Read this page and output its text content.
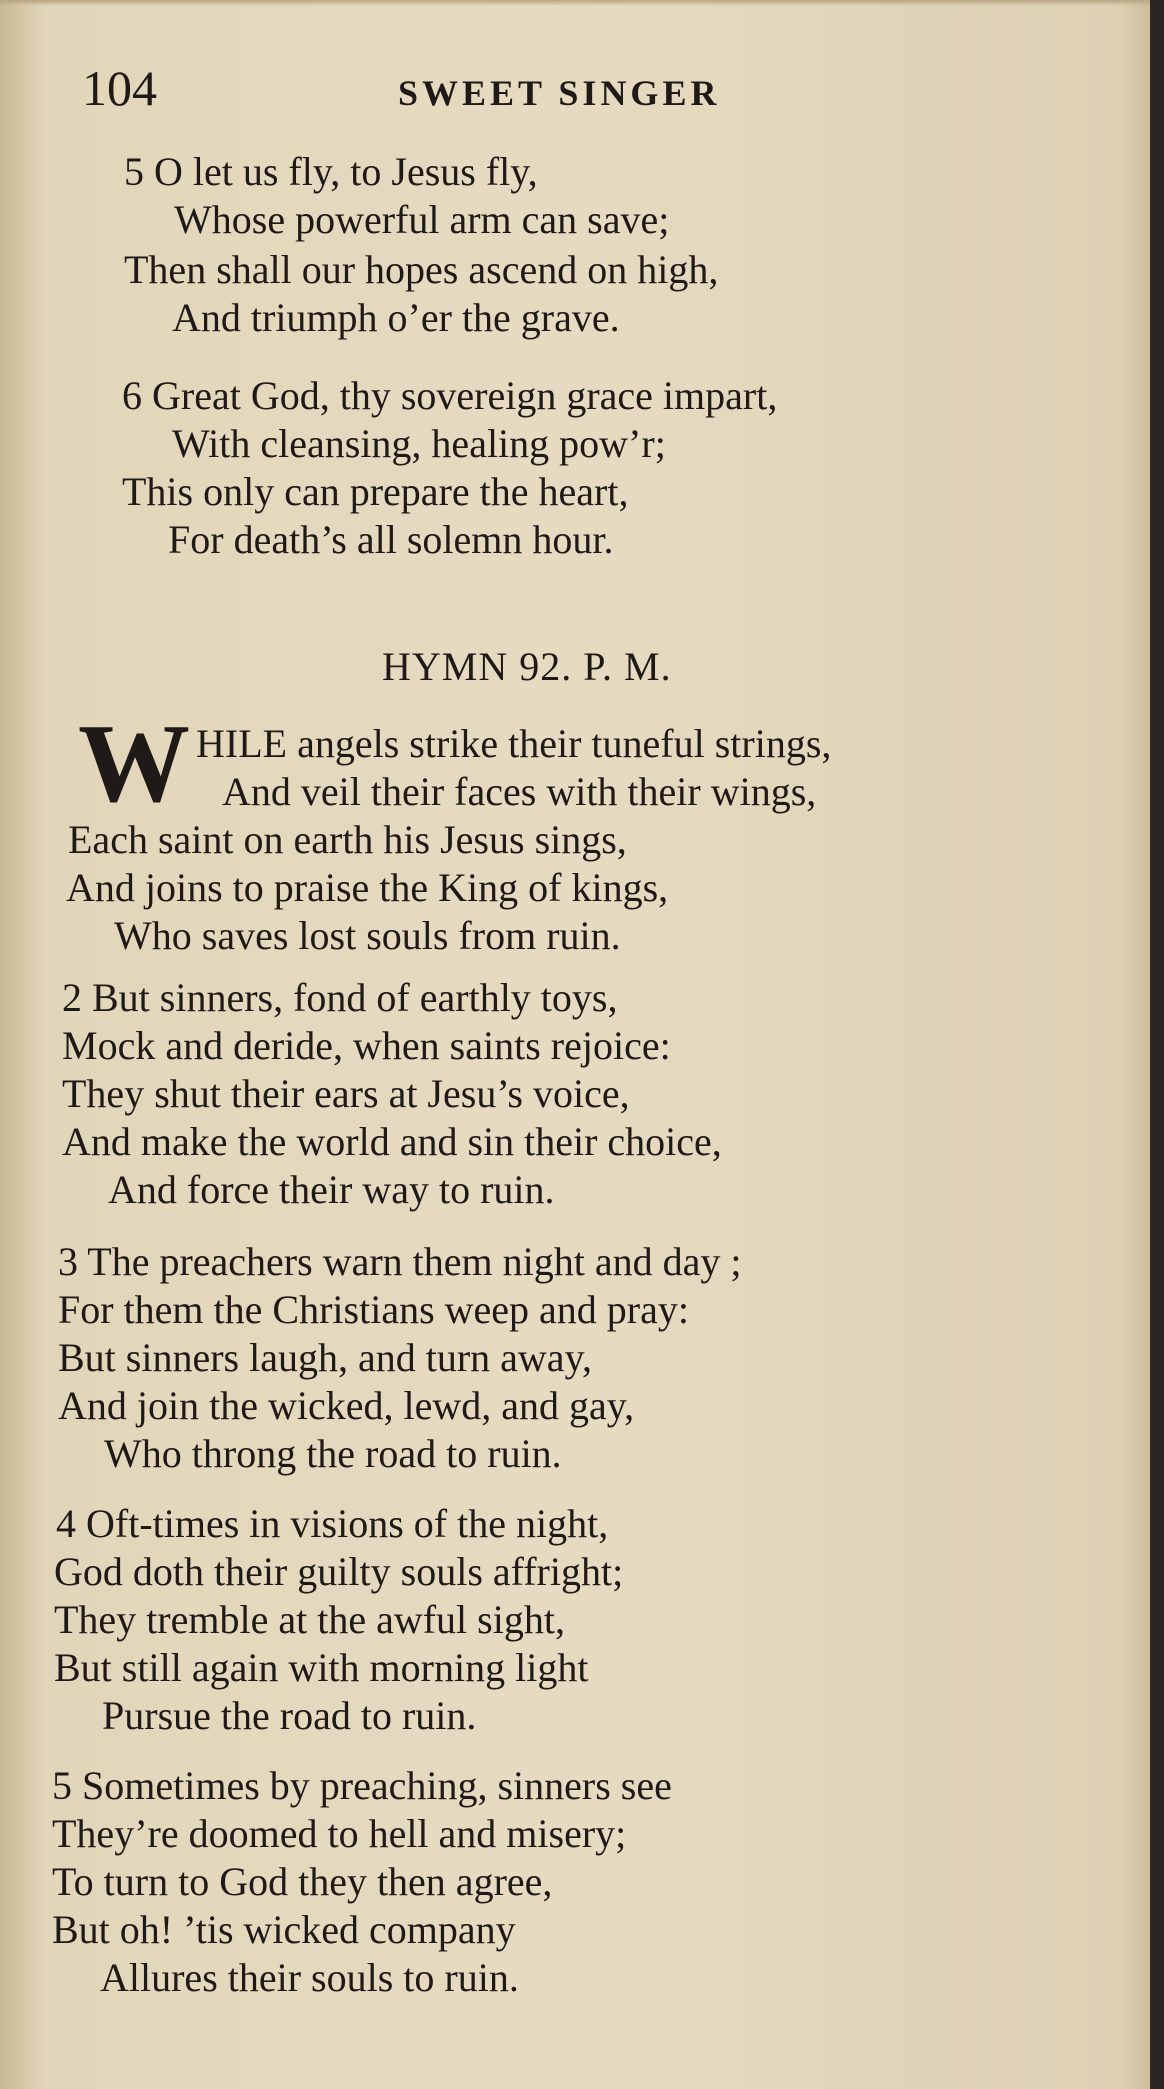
104	SWEET SINGER
5 O let us fly, to Jesus fly,
Whose powerful arm can save;
Then shall our hopes ascend on high,
And triumph o’er the grave.
6 Great God, thy sovereign grace impart,
With cleansing, healing pow’r;
This only can prepare the heart,
For death’s all solemn hour.
HYMN 92. P. M.
W HILE angels strike their tuneful strings,
And veil their faces with their wings,
Each saint on earth his Jesus sings,
And joins to praise the King of kings,
Who saves lost souls from ruin.
2 But sinners, fond of earthly toys,
Mock and deride, when saints rejoice:
They shut their ears at Jesu’s voice,
And make the world and sin their choice,
And force their way to ruin.
3 The preachers warn them night and day ;
For them the Christians weep and pray:
But sinners laugh, and turn away,
And join the wicked, lewd, and gay,
Who throng the road to ruin.
4 Oft-times in visions of the night,
God doth their guilty souls affright;
They tremble at the awful sight,
But still again with morning light
Pursue the road to ruin.
5 Sometimes by preaching, sinners see
They’re doomed to hell and misery;
To turn to God they then agree,
But oh! ’tis wicked company
Allures their souls to ruin.
